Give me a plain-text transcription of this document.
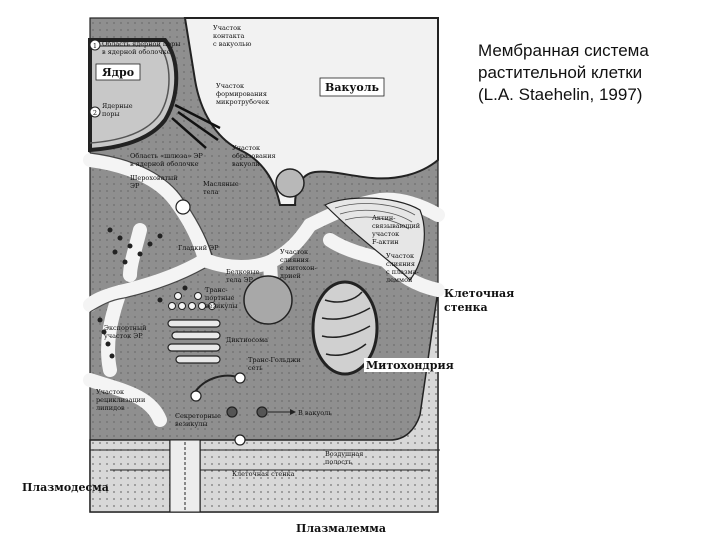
Мембранная система
растительной клетки
(L.A. Staehelin, 1997)
1
2
Ядро
Вакуоль
Клеточная
стенка
Митохондрия
Плазмодесма
Плазмалемма
Область ядерной поры
в ядерной оболочке
Ядерные
поры
Участок
контакта
с вакуолью
Участок
формирования
микротрубочек
Участок
образования
вакуоли
Область «шлюза» ЭР
в ядерной оболочке
Шероховатый
ЭР	Масляные
тела
Гладкий ЭР
Актин-
связывающий
участок
F-актин
Участок
слияния
с плазма-
леммой
Участок
слияния
с митохон-
дрией
Белковые
тела ЭР
Транс-
портные
везикулы
Экспортный
участок ЭР	Диктиосома
Транс-Гольджи
сеть
Участок
рециклизации
липидов
Секреторные
везикулы
В вакуоль
Воздушная
полость
Клеточная стенка
